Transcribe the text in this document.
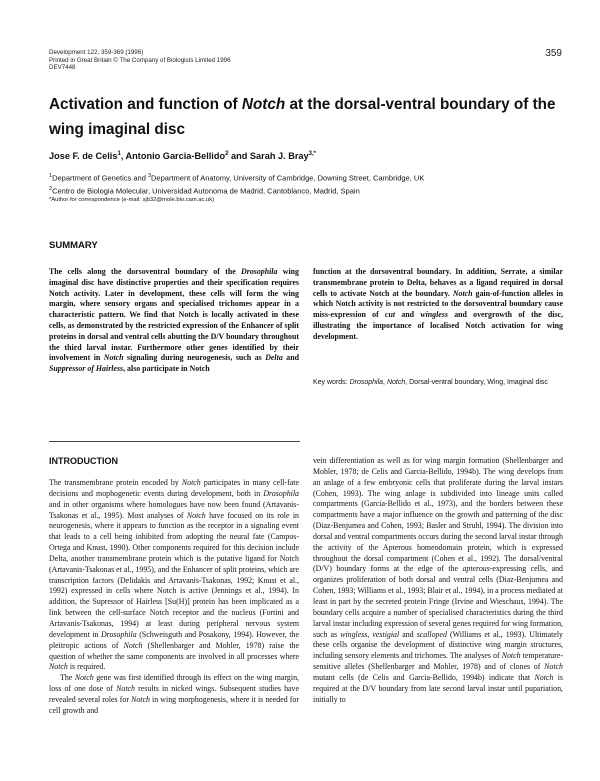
Development 122, 359-369 (1996)
Printed in Great Britain © The Company of Biologists Limited 1996
DEV7448
359
Activation and function of Notch at the dorsal-ventral boundary of the wing imaginal disc
Jose F. de Celis$^1$, Antonio Garcia-Bellido$^2$ and Sarah J. Bray$^{3,*}$
$^1$Department of Genetics and $^3$Department of Anatomy, University of Cambridge, Downing Street, Cambridge, UK
$^2$Centro de Biologia Molecular, Universidad Autonoma de Madrid, Cantoblanco, Madrid, Spain
*Author for correspondence (e-mail: sjb32@mole.bio.cam.ac.uk)
SUMMARY
The cells along the dorsoventral boundary of the Drosophila wing imaginal disc have distinctive properties and their specification requires Notch activity. Later in development, these cells will form the wing margin, where sensory organs and specialised trichomes appear in a characteristic pattern. We find that Notch is locally activated in these cells, as demonstrated by the restricted expression of the Enhancer of split proteins in dorsal and ventral cells abutting the D/V boundary throughout the third larval instar. Furthermore other genes identified by their involvement in Notch signaling during neurogenesis, such as Delta and Suppressor of Hairless, also participate in Notch
function at the dorsoventral boundary. In addition, Serrate, a similar transmembrane protein to Delta, behaves as a ligand required in dorsal cells to activate Notch at the boundary. Notch gain-of-function alleles in which Notch activity is not restricted to the dorsoventral boundary cause miss-expression of cut and wingless and overgrowth of the disc, illustrating the importance of localised Notch activation for wing development.
Key words: Drosophila, Notch, Dorsal-ventral boundary, Wing, Imaginal disc
INTRODUCTION

The transmembrane protein encoded by Notch participates in many cell-fate decisions and mophogenetic events during development, both in Drosophila and in other organisms where homologues have now been found (Artavanis-Tsakonas et al., 1995). Most analyses of Notch have focused on its role in neurogenesis, where it appears to function as the receptor in a signaling event that leads to a cell being inhibited from adopting the neural fate (Campos-Ortega and Knust, 1990). Other components required for this decision include Delta, another transmembrane protein which is the putative ligand for Notch (Artavanis-Tsakonas et al., 1995), and the Enhancer of split proteins, which are transcription factors (Delidakis and Artavanis-Tsakonas, 1992; Knust et al., 1992) expressed in cells where Notch is active (Jennings et al., 1994). In addition, the Supressor of Hairless [Su(H)] protein has been implicated as a link between the cell-surface Notch receptor and the nucleus (Fortini and Artavanis-Tsakonas, 1994) at least during peripheral nervous system development in Drosophila (Schweisguth and Posakony, 1994). However, the pleitropic actions of Notch (Shellenbarger and Mohler, 1978) raise the question of whether the same components are involved in all processes where Notch is required.

The Notch gene was first identified through its effect on the wing margin, loss of one dose of Notch results in nicked wings. Subsequent studies have revealed several roles for Notch in wing morphogenesis, where it is needed for cell growth and

vein differentiation as well as for wing margin formation (Shellenbarger and Mohler, 1978; de Celis and Garcia-Bellido, 1994b). The wing develops from an anlage of a few embryonic cells that proliferate during the larval instars (Cohen, 1993). The wing anlage is subdivided into lineage units called compartments (Garcia-Bellido et al., 1973), and the borders between these compartments have a major influence on the growth and patterning of the disc (Diaz-Benjumea and Cohen, 1993; Basler and Struhl, 1994). The division into dorsal and ventral compartments occurs during the second larval instar through the activity of the Apterous homeodomain protein, which is expressed throughout the dorsal compartment (Cohen et al., 1992). The dorsal/ventral (D/V) boundary forms at the edge of the apterous-expressing cells, and organizes proliferation of both dorsal and ventral cells (Diaz-Benjumea and Cohen, 1993; Williams et al., 1993; Blair et al., 1994), in a process mediated at least in part by the secreted protein Fringe (Irvine and Wieschaus, 1994). The boundary cells acquire a number of specialised characteristics during the third larval instar including expression of several genes required for wing formation, such as wingless, vestigial and scalloped (Williams et al., 1993). Ultimately these cells organise the development of distinctive wing margin structures, including sensory elements and trichomes. The analyses of Notch temperature-sensitive alleles (Shellenbarger and Mohler, 1978) and of clones of Notch mutant cells (de Celis and Garcia-Bellido, 1994b) indicate that Notch is required at the D/V boundary from late second larval instar until pupariation, initially to
